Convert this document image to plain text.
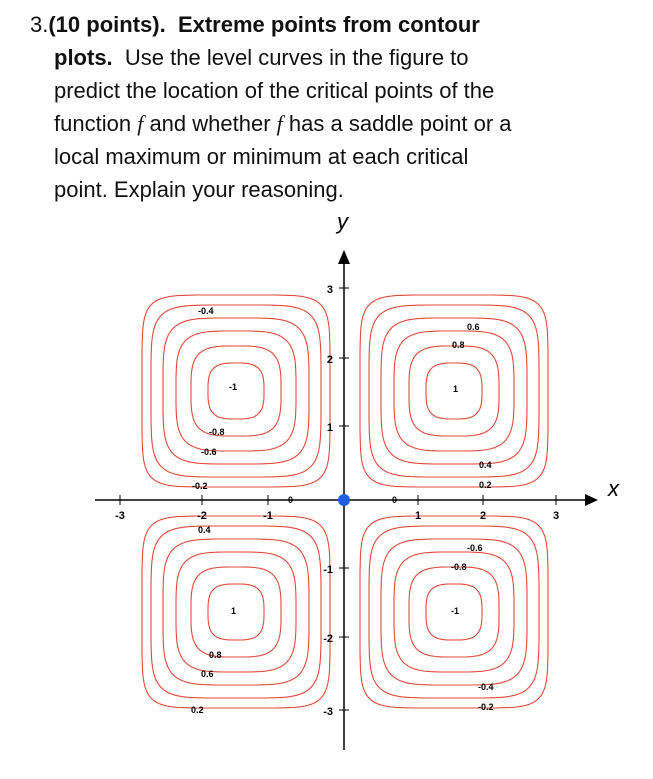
3.(10 points). Extreme points from contour
plots. Use the level curves in the figure to
predict the location of the critical points of the
function f and whether f has a saddle point or a
local maximum or minimum at each critical
point. Explain your reasoning.
x
y
-3	-2	-1	1	2	3
3
2
1
-1
-2
-3
-0.4
-1
-0.8
-0.6
-0.2
0.6
0.8
1
0.4
0.2
0.4
1
0.8
0.6
0.2
-0.6
-0.8
-1
-0.4
-0.2
0	0
